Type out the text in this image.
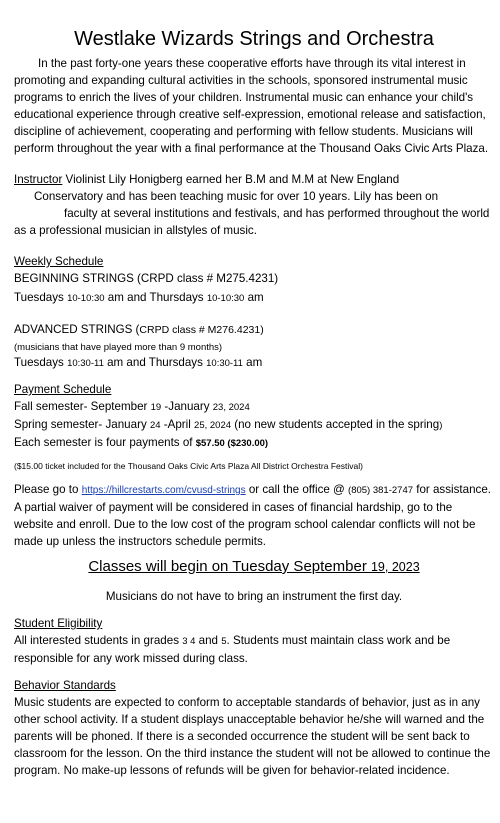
Westlake Wizards Strings and Orchestra

In the past forty-one years these cooperative efforts have through its vital interest in promoting and expanding cultural activities in the schools, sponsored instrumental music programs to enrich the lives of your children. Instrumental music can enhance your child's educational experience through creative self-expression, emotional release and satisfaction, discipline of achievement, cooperating and performing with fellow students. Musicians will perform throughout the year with a final performance at the Thousand Oaks Civic Arts Plaza.

Instructor Violinist Lily Honigberg earned her B.M and M.M at New England

Conservatory and has been teaching music for over 10 years. Lily has been on

faculty at several institutions and festivals, and has performed throughout the world

as a professional musician in allstyles of music.

Weekly Schedule

BEGINNING STRINGS (CRPD class # M275.4231)

Tuesdays 10-10:30 am and Thursdays 10-10:30 am

ADVANCED STRINGS (CRPD class # M276.4231)

(musicians that have played more than 9 months)

Tuesdays 10:30-11 am and Thursdays 10:30-11 am

Payment Schedule

Fall semester- September 19 -January 23, 2024

Spring semester- January 24 -April 25, 2024 (no new students accepted in the spring)

Each semester is four payments of $57.50 ($230.00)

($15.00 ticket included for the Thousand Oaks Civic Arts Plaza All District Orchestra Festival)

Please go to https://hillcrestarts.com/cvusd-strings or call the office @ (805) 381-2747 for assistance. A partial waiver of payment will be considered in cases of financial hardship, go to the website and enroll. Due to the low cost of the program school calendar conflicts will not be made up unless the instructors schedule permits.

Classes will begin on Tuesday September 19, 2023

Musicians do not have to bring an instrument the first day.

Student Eligibility

All interested students in grades 3 4 and 5. Students must maintain class work and be responsible for any work missed during class.

Behavior Standards

Music students are expected to conform to acceptable standards of behavior, just as in any other school activity. If a student displays unacceptable behavior he/she will warned and the parents will be phoned. If there is a seconded occurrence the student will be sent back to classroom for the lesson. On the third instance the student will not be allowed to continue the program. No make-up lessons of refunds will be given for behavior-related incidence.
